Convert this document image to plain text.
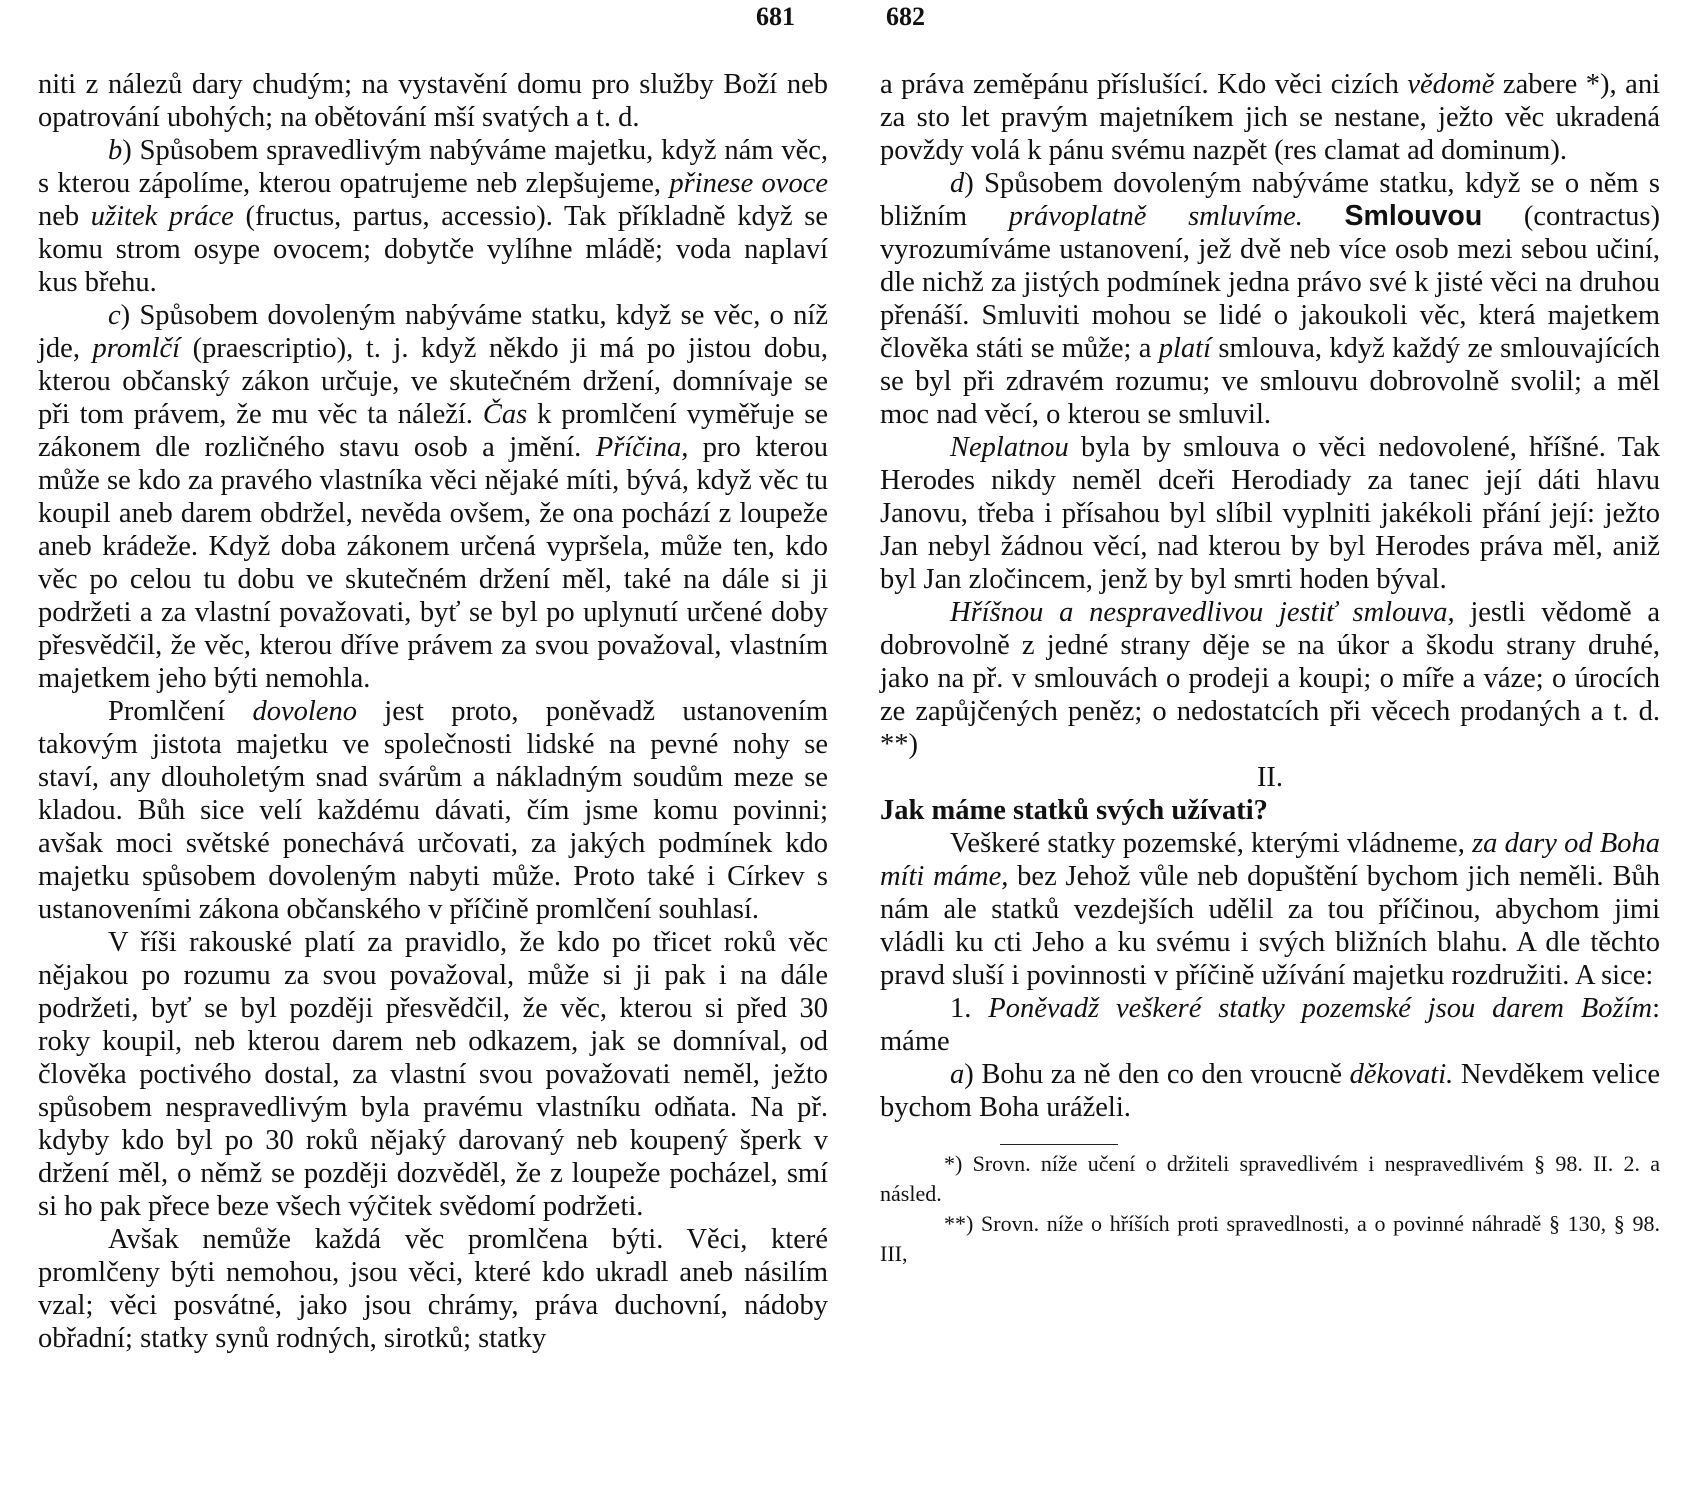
681	682

niti z nálezů dary chudým; na vystavění domu pro služby Boží neb opatrování ubohých; na obětování mší svatých a t. d.

b) Spůsobem spravedlivým nabýváme majetku, když nám věc, s kterou zápolíme, kterou opatrujeme neb zlepšujeme, přinese ovoce neb užitek práce (fructus, partus, accessio). Tak příkladně když se komu strom osype ovocem; dobytče vylíhne mládě; voda naplaví kus břehu.

c) Spůsobem dovoleným nabýváme statku, když se věc, o níž jde, promlčí (praescriptio), t. j. když někdo ji má po jistou dobu, kterou občanský zákon určuje, ve skutečném držení, domnívaje se při tom právem, že mu věc ta náleží. Čas k promlčení vyměřuje se zákonem dle rozličného stavu osob a jmění. Příčina, pro kterou může se kdo za pravého vlastníka věci nějaké míti, bývá, když věc tu koupil aneb darem obdržel, nevěda ovšem, že ona pochází z loupeže aneb krádeže. Když doba zákonem určená vypršela, může ten, kdo věc po celou tu dobu ve skutečném držení měl, také na dále si ji podržeti a za vlastní považovati, byť se byl po uplynutí určené doby přesvědčil, že věc, kterou dříve právem za svou považoval, vlastním majetkem jeho býti nemohla.

Promlčení dovoleno jest proto, poněvadž ustanovením takovým jistota majetku ve společnosti lidské na pevné nohy se staví, any dlouholetým snad svárům a nákladným soudům meze se kladou. Bůh sice velí každému dávati, čím jsme komu povinni; avšak moci světské ponechává určovati, za jakých podmínek kdo majetku spůsobem dovoleným nabyti může. Proto také i Církev s ustanoveními zákona občanského v příčině promlčení souhlasí.

V říši rakouské platí za pravidlo, že kdo po třicet roků věc nějakou po rozumu za svou považoval, může si ji pak i na dále podržeti, byť se byl později přesvědčil, že věc, kterou si před 30 roky koupil, neb kterou darem neb odkazem, jak se domníval, od člověka poctivého dostal, za vlastní svou považovati neměl, ježto spůsobem nespravedlivým byla pravému vlastníku odňata. Na př. kdyby kdo byl po 30 roků nějaký darovaný neb koupený šperk v držení měl, o němž se později dozvěděl, že z loupeže pocházel, smí si ho pak přece beze všech výčitek svědomí podržeti.

Avšak nemůže každá věc promlčena býti. Věci, které promlčeny býti nemohou, jsou věci, které kdo ukradl aneb násilím vzal; věci posvátné, jako jsou chrámy, práva duchovní, nádoby obřadní; statky synů rodných, sirotků; statky

a práva zeměpánu příslušící. Kdo věci cizích vědomě zabere *), ani za sto let pravým majetníkem jich se nestane, ježto věc ukradená povždy volá k pánu svému nazpět (res clamat ad dominum).

d) Spůsobem dovoleným nabýváme statku, když se o něm s bližním právoplatně smluvíme. Smlouvou (contractus) vyrozumíváme ustanovení, jež dvě neb více osob mezi sebou učiní, dle nichž za jistých podmínek jedna právo své k jisté věci na druhou přenáší. Smluviti mohou se lidé o jakoukoli věc, která majetkem člověka státi se může; a platí smlouva, když každý ze smlouvajících se byl při zdravém rozumu; ve smlouvu dobrovolně svolil; a měl moc nad věcí, o kterou se smluvil.

Neplatnou byla by smlouva o věci nedovolené, hříšné. Tak Herodes nikdy neměl dceři Herodiady za tanec její dáti hlavu Janovu, třeba i přísahou byl slíbil vyplniti jakékoli přání její: ježto Jan nebyl žádnou věcí, nad kterou by byl Herodes práva měl, aniž byl Jan zločincem, jenž by byl smrti hoden býval.

Hříšnou a nespravedlivou jestiť smlouva, jestli vědomě a dobrovolně z jedné strany děje se na úkor a škodu strany druhé, jako na př. v smlouvách o prodeji a koupi; o míře a váze; o úrocích ze zapůjčených peněz; o nedostatcích při věcech prodaných a t. d. **)

II.

Jak máme statků svých užívati?

Veškeré statky pozemské, kterými vládneme, za dary od Boha míti máme, bez Jehož vůle neb dopuštění bychom jich neměli. Bůh nám ale statků vezdejších udělil za tou příčinou, abychom jimi vládli ku cti Jeho a ku svému i svých bližních blahu. A dle těchto pravd sluší i povinnosti v příčině užívání majetku rozdružiti. A sice:

1. Poněvadž veškeré statky pozemské jsou darem Božím: máme

a) Bohu za ně den co den vroucně děkovati. Nevděkem velice bychom Boha uráželi.

*) Srovn. níže učení o držiteli spravedlivém i nespravedlivém § 98. II. 2. a násled.

**) Srovn. níže o hříších proti spravedlnosti, a o povinné náhradě § 130, § 98. III,
